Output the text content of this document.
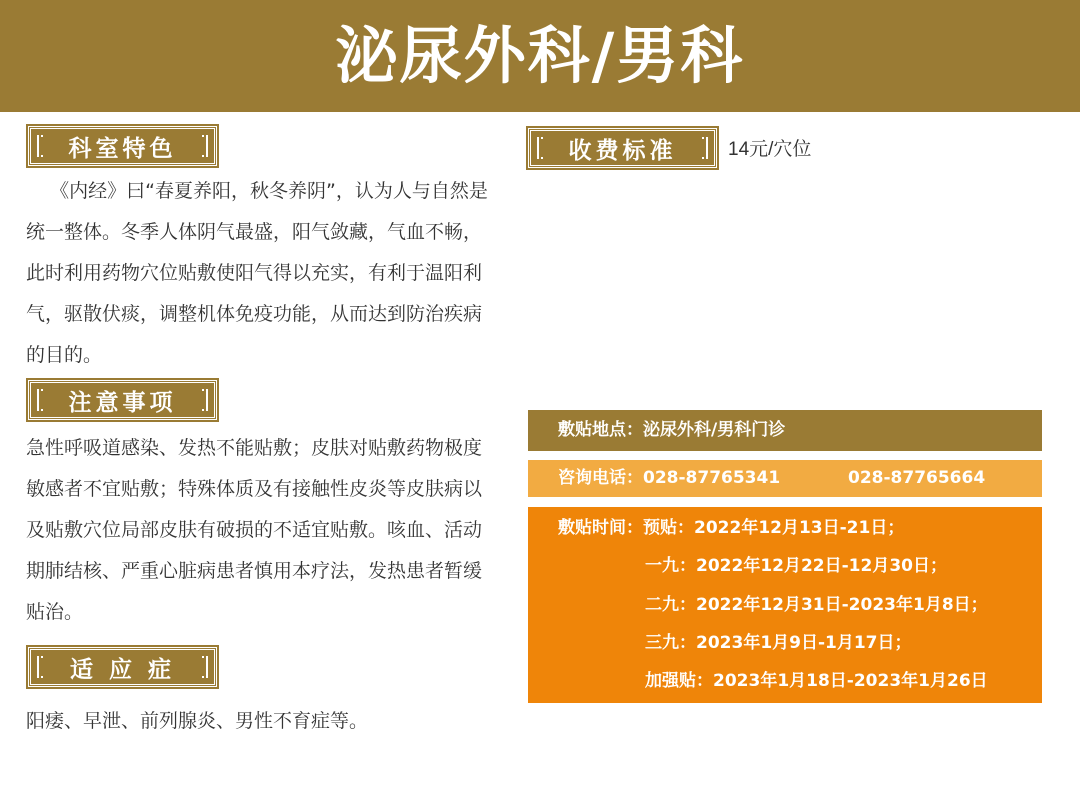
泌尿外科/男科
科室特色
《内经》曰“春夏养阳，秋冬养阴”，认为人与自然是统一整体。冬季人体阴气最盛，阳气敛藏，气血不畅，此时利用药物穴位贴敷使阳气得以充实，有利于温阳利气，驱散伏痰，调整机体免疫功能，从而达到防治疾病的目的。
注意事项
急性呼吸道感染、发热不能贴敷；皮肤对贴敷药物极度敏感者不宜贴敷；特殊体质及有接触性皮炎等皮肤病以及贴敷穴位局部皮肤有破损的不适宜贴敷。咳血、活动期肺结核、严重心脏病患者慎用本疗法，发热患者暂缓贴治。
适 应 症
阳痿、早泄、前列腺炎、男性不育症等。
收费标准	14元/穴位
敷贴地点：泌尿外科/男科门诊
咨询电话：028-87765341	028-87765664
敷贴时间：预贴：2022年12月13日-21日；
一九：2022年12月22日-12月30日；
二九：2022年12月31日-2023年1月8日；
三九：2023年1月9日-1月17日；
加强贴：2023年1月18日-2023年1月26日
